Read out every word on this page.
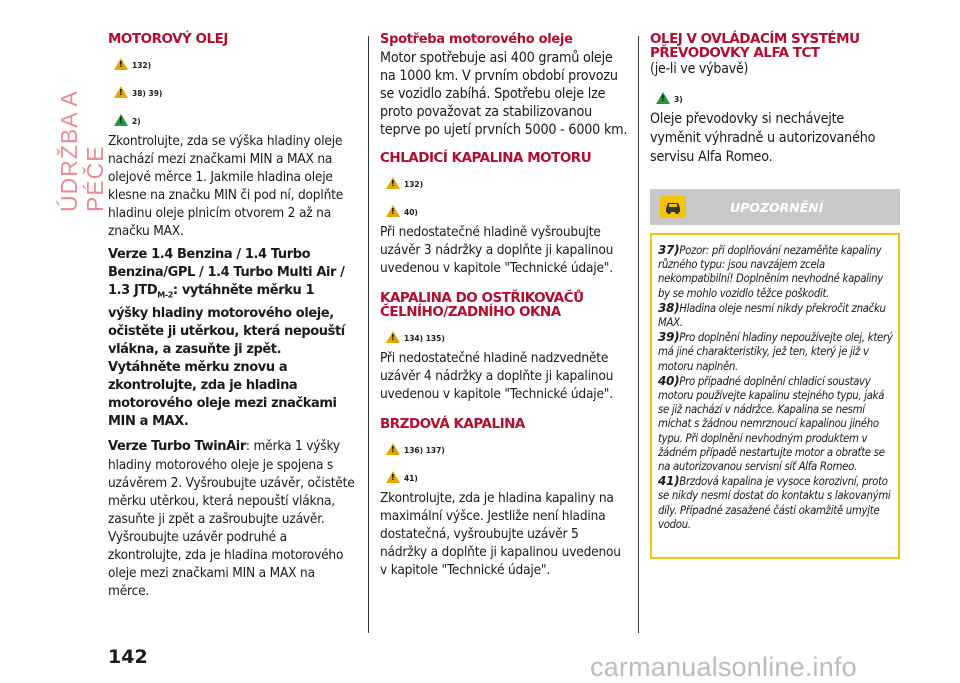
ÚDRŽBA A PÉČE
MOTOROVÝ OLEJ
!
132)
!
38) 39)
!
2)

Zkontrolujte, zda se výška hladiny oleje nachází mezi značkami MIN a MAX na olejové měrce 1. Jakmile hladina oleje klesne na značku MIN či pod ní, doplňte hladinu oleje plnicím otvorem 2 až na značku MAX.

Verze 1.4 Benzina / 1.4 Turbo Benzina/GPL / 1.4 Turbo Multi Air / 1.3 $JTD_{M-2}$: vytáhněte měrku 1 výšky hladiny motorového oleje, očistěte ji utěrkou, která nepouští vlákna, a zasuňte ji zpět. Vytáhněte měrku znovu a zkontrolujte, zda je hladina motorového oleje mezi značkami MIN a MAX.

Verze Turbo TwinAir: měrka 1 výšky hladiny motorového oleje je spojena s uzávěrem 2. Vyšroubujte uzávěr, očistěte měrku utěrkou, která nepouští vlákna, zasuňte ji zpět a zašroubujte uzávěr. Vyšroubujte uzávěr podruhé a zkontrolujte, zda je hladina motorového oleje mezi značkami MIN a MAX na měrce.

Spotřeba motorového oleje

Motor spotřebuje asi 400 gramů oleje na 1000 km. V prvním období provozu se vozidlo zabíhá. Spotřebu oleje lze proto považovat za stabilizovanou teprve po ujetí prvních 5000 - 6000 km.

CHLADICÍ KAPALINA MOTORU
!
132)
!
40)

Při nedostatečné hladině vyšroubujte uzávěr 3 nádržky a doplňte ji kapalinou uvedenou v kapitole "Technické údaje".

KAPALINA DO OSTŘIKOVAČŮ ČELNÍHO/ZADNÍHO OKNA
!
134) 135)

Při nedostatečné hladině nadzvedněte uzávěr 4 nádržky a doplňte ji kapalinou uvedenou v kapitole "Technické údaje".

BRZDOVÁ KAPALINA
!
136) 137)
!
41)

Zkontrolujte, zda je hladina kapaliny na maximální výšce. Jestliže není hladina dostatečná, vyšroubujte uzávěr 5 nádržky a doplňte ji kapalinou uvedenou v kapitole "Technické údaje".

OLEJ V OVLÁDACÍM SYSTÉMU PŘEVODOVKY ALFA TCT

(je-li ve výbavě)

!
3)

Oleje převodovky si nechávejte vyměnit výhradně u autorizovaného servisu Alfa Romeo.

UPOZORNĚNÍ

37)Pozor: při doplňování nezaměňte kapaliny různého typu: jsou navzájem zcela nekompatibilní! Doplněním nevhodné kapaliny by se mohlo vozidlo těžce poškodit.

38)Hladina oleje nesmí nikdy překročit značku MAX.

39)Pro doplnění hladiny nepoužívejte olej, který má jiné charakteristiky, jež ten, který je již v motoru naplněn.

40)Pro případné doplnění chladicí soustavy motoru používejte kapalinu stejného typu, jaká se již nachází v nádržce. Kapalina se nesmí míchat s žádnou nemrznoucí kapalinou jiného typu. Při doplnění nevhodným produktem v žádném případě nestartujte motor a obraťte se na autorizovanou servisní síť Alfa Romeo.

41)Brzdová kapalina je vysoce korozivní, proto se nikdy nesmí dostat do kontaktu s lakovanými díly. Případné zasažené části okamžitě umyjte vodou.

142	carmanualsonline.info
